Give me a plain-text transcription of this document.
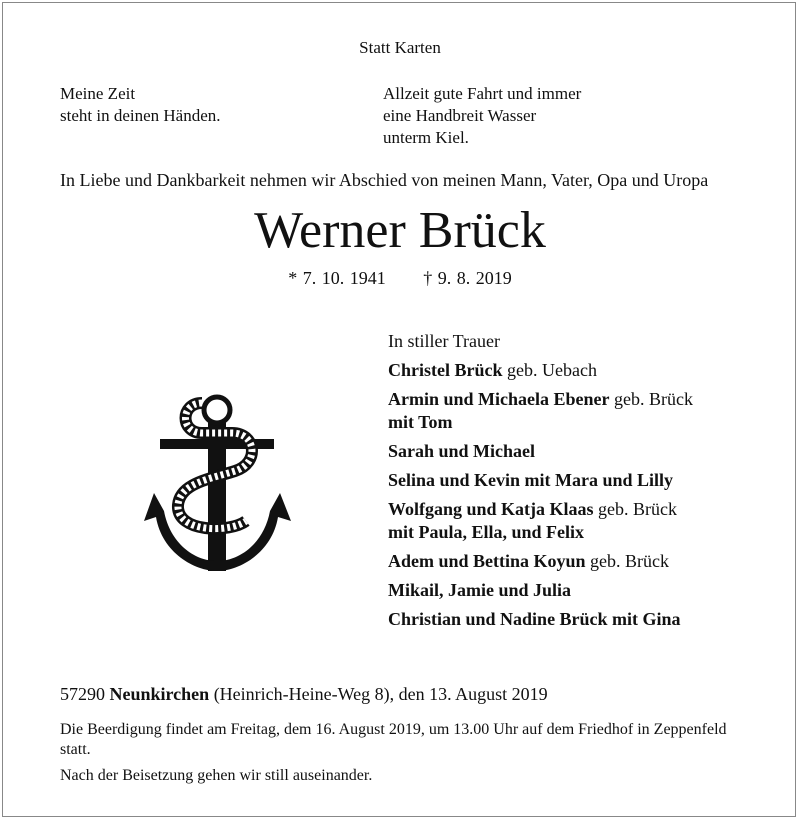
Statt Karten
Meine Zeit
steht in deinen Händen.
Allzeit gute Fahrt und immer
eine Handbreit Wasser
unterm Kiel.
In Liebe und Dankbarkeit nehmen wir Abschied von meinen Mann, Vater, Opa und Uropa
Werner Brück
* 7. 10. 1941 † 9. 8. 2019
In stiller Trauer
Christel Brück geb. Uebach
Armin und Michaela Ebener geb. Brück
mit Tom
Sarah und Michael
Selina und Kevin mit Mara und Lilly
Wolfgang und Katja Klaas geb. Brück
mit Paula, Ella, und Felix
Adem und Bettina Koyun geb. Brück
Mikail, Jamie und Julia
Christian und Nadine Brück mit Gina
57290 Neunkirchen (Heinrich-Heine-Weg 8), den 13. August 2019
Die Beerdigung findet am Freitag, dem 16. August 2019, um 13.00 Uhr auf dem Friedhof in Zeppenfeld statt.
Nach der Beisetzung gehen wir still auseinander.
